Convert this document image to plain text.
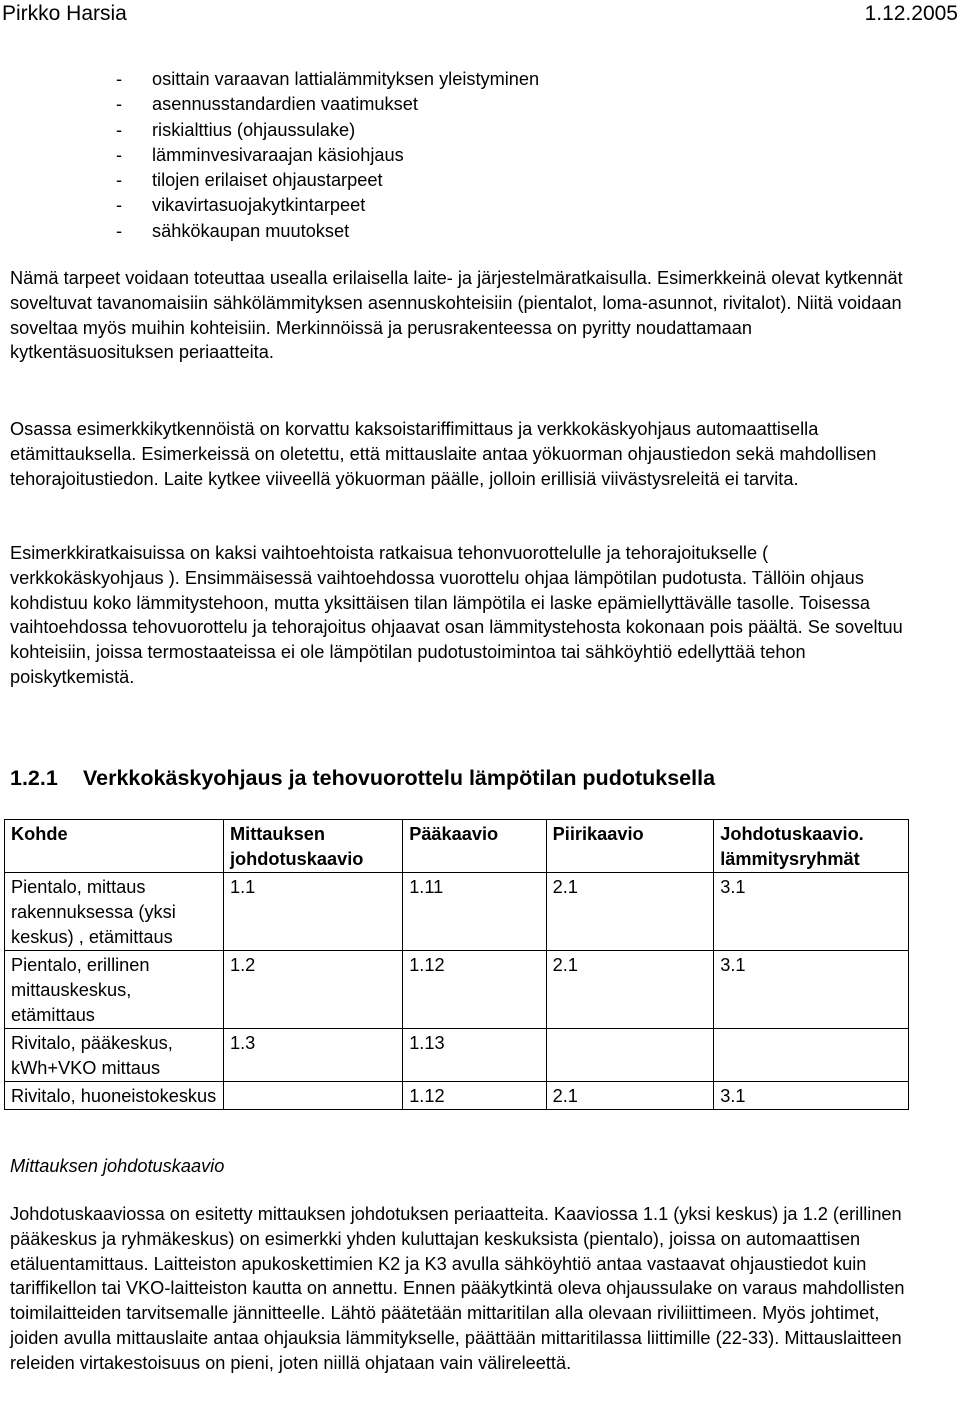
Pirkko Harsia	1.12.2005
- osittain varaavan lattialämmityksen yleistyminen
- asennusstandardien vaatimukset
- riskialttius (ohjaussulake)
- lämminvesivaraajan käsiohjaus
- tilojen erilaiset ohjaustarpeet
- vikavirtasuojakytkintarpeet
- sähkökaupan muutokset

Nämä tarpeet voidaan toteuttaa usealla erilaisella laite- ja järjestelmäratkaisulla. Esimerkkeinä olevat kytkennät soveltuvat tavanomaisiin sähkölämmityksen asennuskohteisiin (pientalot, loma-asunnot, rivitalot). Niitä voidaan soveltaa myös muihin kohteisiin. Merkinnöissä ja perusrakenteessa on pyritty noudattamaan kytkentäsuosituksen periaatteita.

Osassa esimerkkikytkennöistä on korvattu kaksoistariffimittaus ja verkkokäskyohjaus automaattisella etämittauksella. Esimerkeissä on oletettu, että mittauslaite antaa yökuorman ohjaustiedon sekä mahdollisen tehorajoitustiedon. Laite kytkee viiveellä yökuorman päälle, jolloin erillisiä viivästysreleitä ei tarvita.

Esimerkkiratkaisuissa on kaksi vaihtoehtoista ratkaisua tehonvuorottelulle ja tehorajoitukselle ( verkkokäskyohjaus ). Ensimmäisessä vaihtoehdossa vuorottelu ohjaa lämpötilan pudotusta. Tällöin ohjaus kohdistuu koko lämmitystehoon, mutta yksittäisen tilan lämpötila ei laske epämiellyttävälle tasolle. Toisessa vaihtoehdossa tehovuorottelu ja tehorajoitus ohjaavat osan lämmitystehosta kokonaan pois päältä. Se soveltuu kohteisiin, joissa termostaateissa ei ole lämpötilan pudotustoimintoa tai sähköyhtiö edellyttää tehon poiskytkemistä.

1.2.1 Verkkokäskyohjaus ja tehovuorottelu lämpötilan pudotuksella
Kohde	Mittauksen johdotuskaavio	Pääkaavio	Piirikaavio	Johdotuskaavio. lämmitysryhmät
Pientalo, mittaus rakennuksessa (yksi keskus) , etämittaus	1.1	1.11	2.1	3.1
Pientalo, erillinen mittauskeskus, etämittaus	1.2	1.12	2.1	3.1
Rivitalo, pääkeskus, kWh+VKO mittaus	1.3	1.13		
Rivitalo, huoneistokeskus		1.12	2.1	3.1
Mittauksen johdotuskaavio

Johdotuskaaviossa on esitetty mittauksen johdotuksen periaatteita. Kaaviossa 1.1 (yksi keskus) ja 1.2 (erillinen pääkeskus ja ryhmäkeskus) on esimerkki yhden kuluttajan keskuksista (pientalo), joissa on automaattisen etäluentamittaus. Laitteiston apukoskettimien K2 ja K3 avulla sähköyhtiö antaa vastaavat ohjaustiedot kuin tariffikellon tai VKO-laitteiston kautta on annettu. Ennen pääkytkintä oleva ohjaussulake on varaus mahdollisten toimilaitteiden tarvitsemalle jännitteelle. Lähtö päätetään mittaritilan alla olevaan riviliittimeen. Myös johtimet, joiden avulla mittauslaite antaa ohjauksia lämmitykselle, päättään mittaritilassa liittimille (22-33). Mittauslaitteen releiden virtakestoisuus on pieni, joten niillä ohjataan vain välireleettä.
